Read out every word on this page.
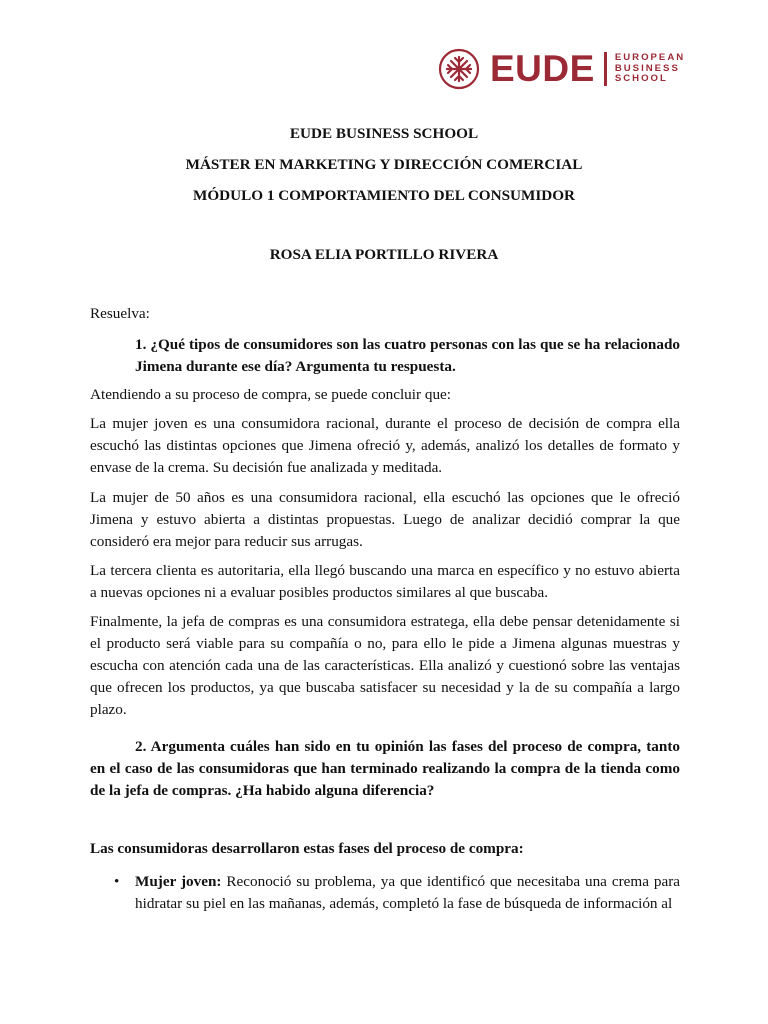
EUDE EUROPEAN
BUSINESS
SCHOOL
EUDE BUSINESS SCHOOL
MÁSTER EN MARKETING Y DIRECCIÓN COMERCIAL
MÓDULO 1 COMPORTAMIENTO DEL CONSUMIDOR
ROSA ELIA PORTILLO RIVERA
Resuelva:

1. ¿Qué tipos de consumidores son las cuatro personas con las que se ha relacionado Jimena durante ese día? Argumenta tu respuesta.

Atendiendo a su proceso de compra, se puede concluir que:

La mujer joven es una consumidora racional, durante el proceso de decisión de compra ella escuchó las distintas opciones que Jimena ofreció y, además, analizó los detalles de formato y envase de la crema. Su decisión fue analizada y meditada.

La mujer de 50 años es una consumidora racional, ella escuchó las opciones que le ofreció Jimena y estuvo abierta a distintas propuestas. Luego de analizar decidió comprar la que consideró era mejor para reducir sus arrugas.

La tercera clienta es autoritaria, ella llegó buscando una marca en específico y no estuvo abierta a nuevas opciones ni a evaluar posibles productos similares al que buscaba.

Finalmente, la jefa de compras es una consumidora estratega, ella debe pensar detenidamente si el producto será viable para su compañía o no, para ello le pide a Jimena algunas muestras y escucha con atención cada una de las características. Ella analizó y cuestionó sobre las ventajas que ofrecen los productos, ya que buscaba satisfacer su necesidad y la de su compañía a largo plazo.

2. Argumenta cuáles han sido en tu opinión las fases del proceso de compra, tanto en el caso de las consumidoras que han terminado realizando la compra de la tienda como de la jefa de compras. ¿Ha habido alguna diferencia?

Las consumidoras desarrollaron estas fases del proceso de compra:

• Mujer joven: Reconoció su problema, ya que identificó que necesitaba una crema para hidratar su piel en las mañanas, además, completó la fase de búsqueda de información al
